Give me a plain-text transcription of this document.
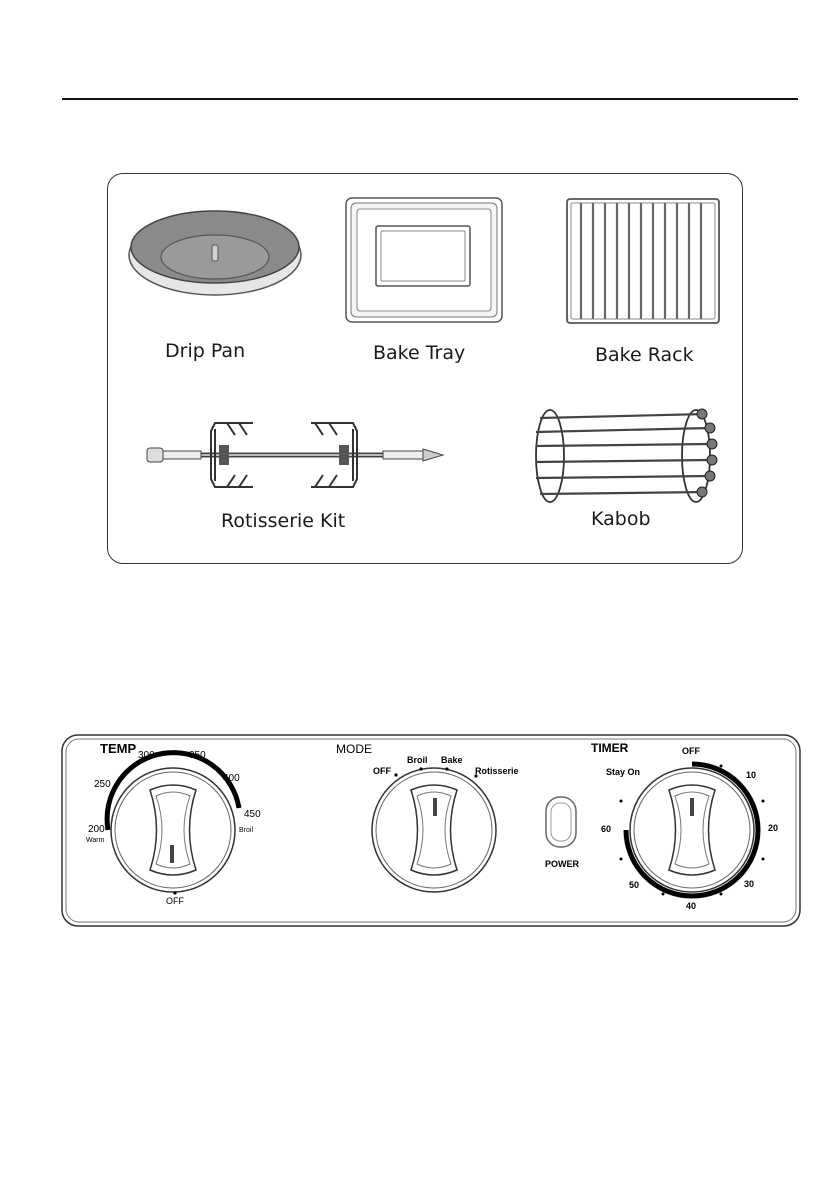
Drip Pan	Bake Tray	Bake Rack
Rotisserie Kit	Kabob
TEMP 300	350
250
400
450
Broil
200
Warm
OFF
MODE
OFF
Broil Bake
Rotisserie
POWER
TIMER	OFF
Stay On	10
20
30
40
50
60
